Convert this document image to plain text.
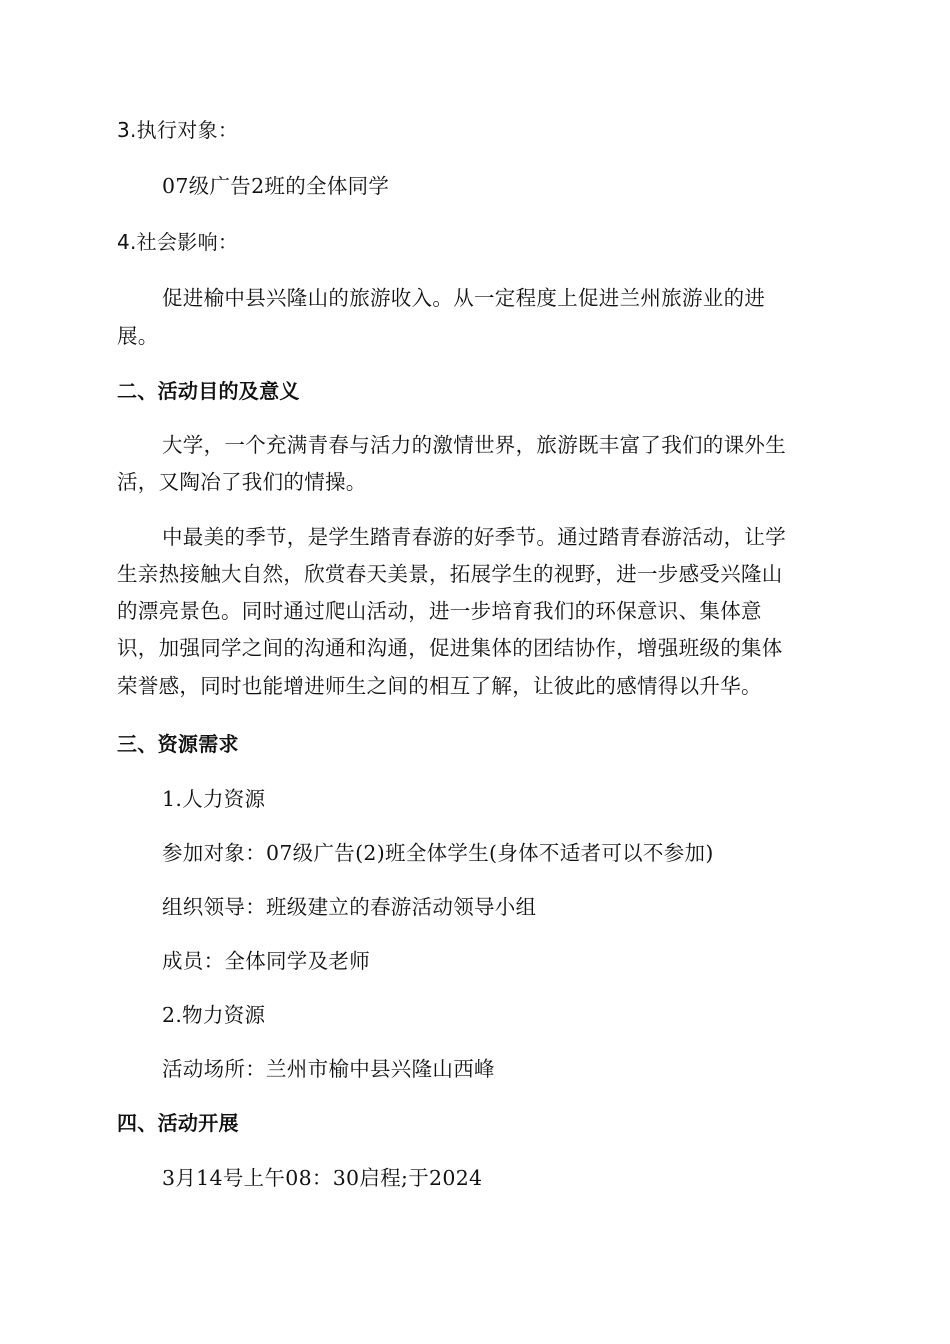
3.执行对象：
07级广告2班的全体同学
4.社会影响：
促进榆中县兴隆山的旅游收入。从一定程度上促进兰州旅游业的进
展。
二、活动目的及意义
大学，一个充满青春与活力的激情世界，旅游既丰富了我们的课外生
活，又陶冶了我们的情操。
中最美的季节，是学生踏青春游的好季节。通过踏青春游活动，让学
生亲热接触大自然，欣赏春天美景，拓展学生的视野，进一步感受兴隆山
的漂亮景色。同时通过爬山活动，进一步培育我们的环保意识、集体意
识，加强同学之间的沟通和沟通，促进集体的团结协作，增强班级的集体
荣誉感，同时也能增进师生之间的相互了解，让彼此的感情得以升华。
三、资源需求
1.人力资源
参加对象：07级广告(2)班全体学生(身体不适者可以不参加)
组织领导：班级建立的春游活动领导小组
成员：全体同学及老师
2.物力资源
活动场所：兰州市榆中县兴隆山西峰
四、活动开展
3月14号上午08：30启程;于2024
